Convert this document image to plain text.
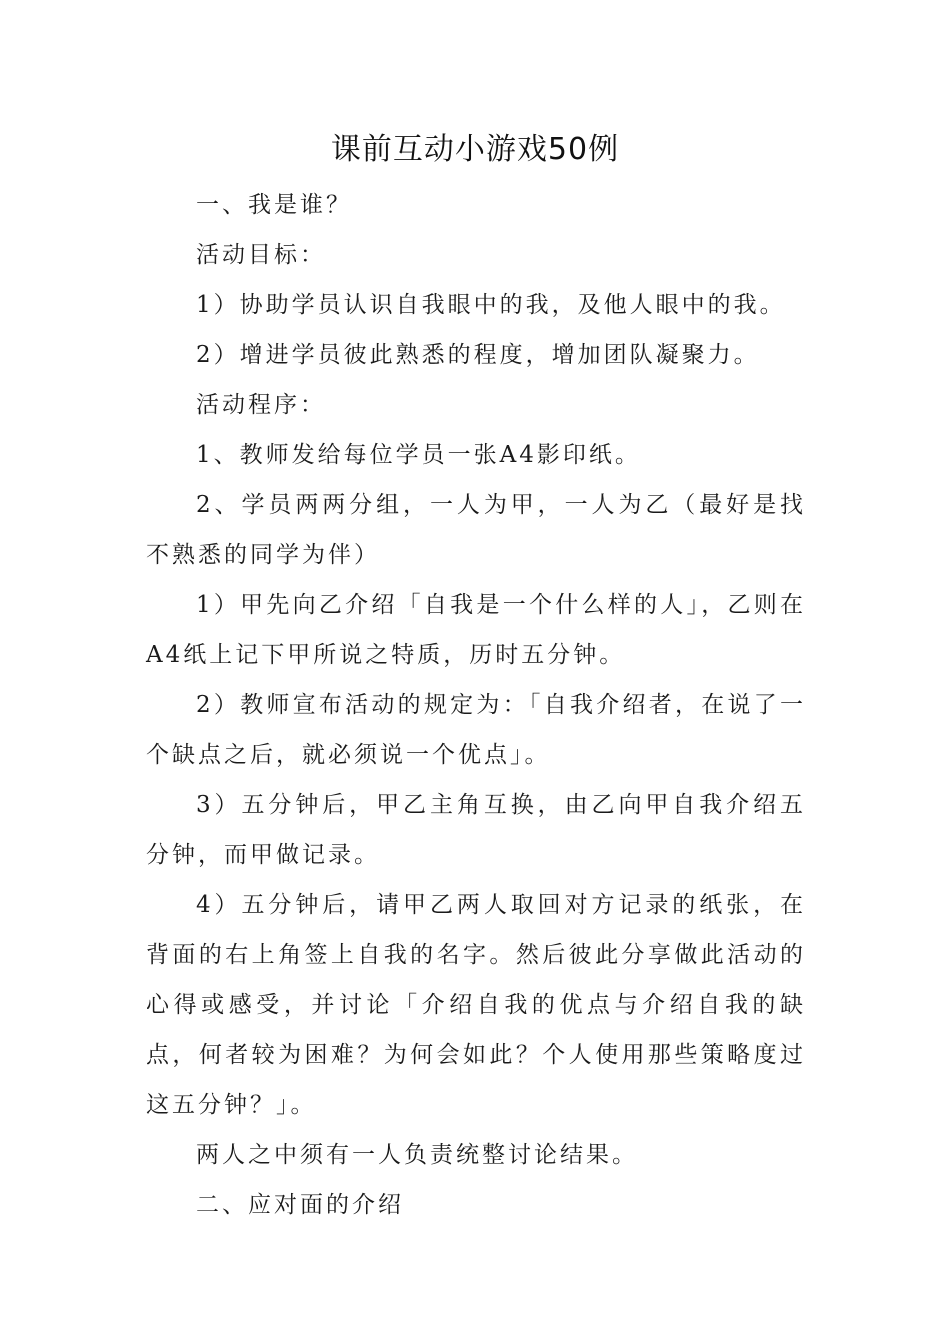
课前互动小游戏50例

一、我是谁？

活动目标：

1）协助学员认识自我眼中的我，及他人眼中的我。

2）增进学员彼此熟悉的程度，增加团队凝聚力。

活动程序：

1、教师发给每位学员一张A4影印纸。

2、学员两两分组，一人为甲，一人为乙（最好是找不熟悉的同学为伴）

1）甲先向乙介绍「自我是一个什么样的人」，乙则在A4纸上记下甲所说之特质，历时五分钟。

2）教师宣布活动的规定为：「自我介绍者，在说了一个缺点之后，就必须说一个优点」。

3）五分钟后，甲乙主角互换，由乙向甲自我介绍五分钟，而甲做记录。

4）五分钟后，请甲乙两人取回对方记录的纸张，在背面的右上角签上自我的名字。然后彼此分享做此活动的心得或感受，并讨论「介绍自我的优点与介绍自我的缺点，何者较为困难？为何会如此？个人使用那些策略度过这五分钟？」。

两人之中须有一人负责统整讨论结果。

二、应对面的介绍
